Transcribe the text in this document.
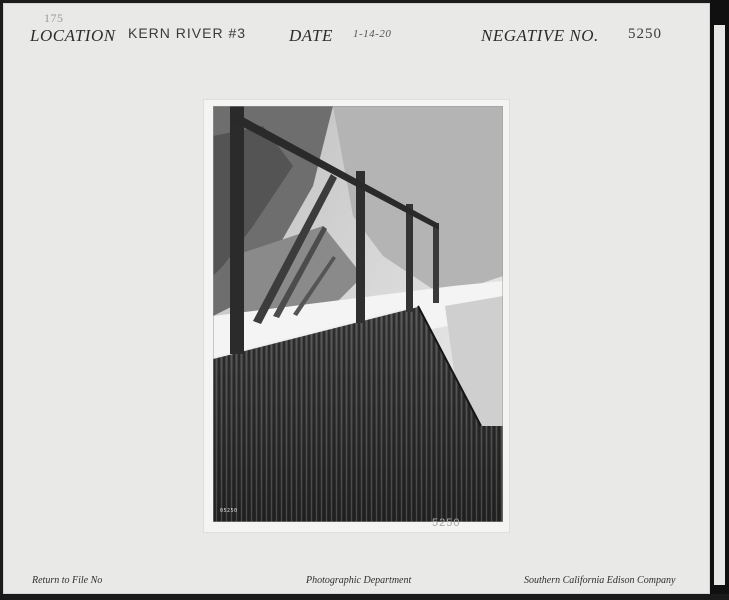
175
LOCATION KERN RIVER #3	DATE 1-14-20	NEGATIVE NO. 5250
05250
5250
Return to File No	Photographic Department	Southern California Edison Company
